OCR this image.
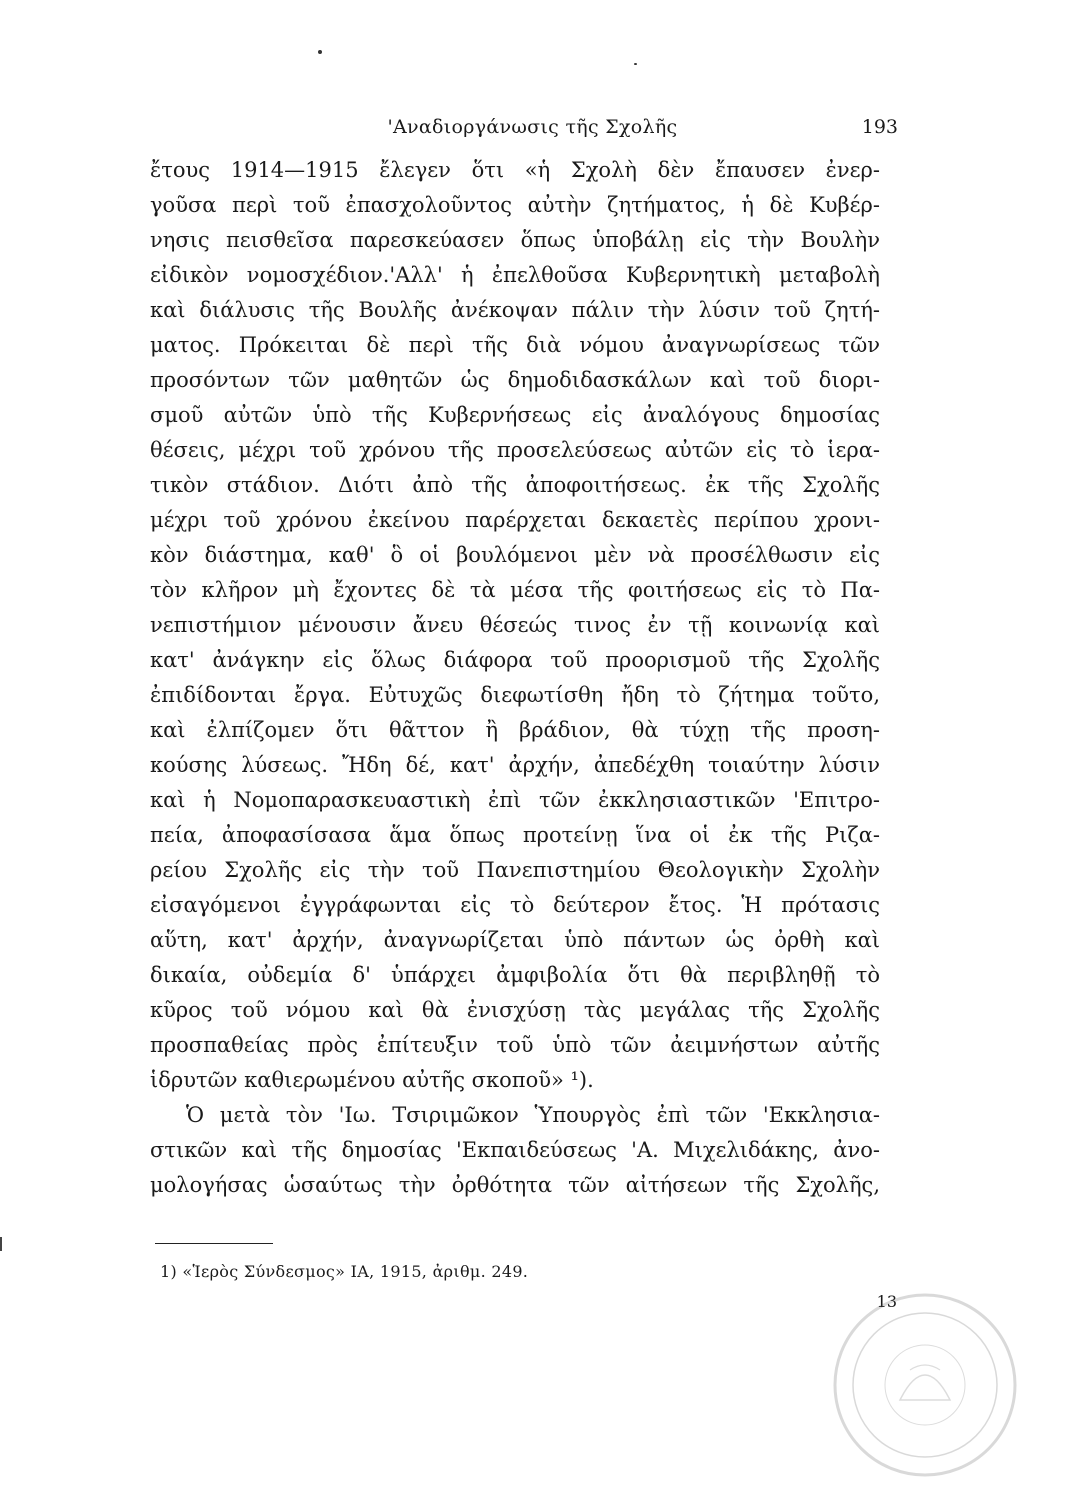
'Αναδιοργάνωσις τῆς Σχολῆς	193
ἔτους 1914—1915 ἔλεγεν ὅτι «ἡ Σχολὴ δὲν ἔπαυσεν ἐνερ-
γοῦσα περὶ τοῦ ἐπασχολοῦντος αὐτὴν ζητήματος, ἡ δὲ Κυβέρ-
νησις πεισθεῖσα παρεσκεύασεν ὅπως ὑποβάλῃ εἰς τὴν Βουλὴν
εἰδικὸν νομοσχέδιον.'Αλλ' ἡ ἐπελθοῦσα Κυβερνητικὴ μεταβολὴ
καὶ διάλυσις τῆς Βουλῆς ἀνέκοψαν πάλιν τὴν λύσιν τοῦ ζητή-
ματος. Πρόκειται δὲ περὶ τῆς διὰ νόμου ἀναγνωρίσεως τῶν
προσόντων τῶν μαθητῶν ὡς δημοδιδασκάλων καὶ τοῦ διορι-
σμοῦ αὐτῶν ὑπὸ τῆς Κυβερνήσεως εἰς ἀναλόγους δημοσίας
θέσεις, μέχρι τοῦ χρόνου τῆς προσελεύσεως αὐτῶν εἰς τὸ ἱερα-
τικὸν στάδιον. Διότι ἀπὸ τῆς ἀποφοιτήσεως. ἐκ τῆς Σχολῆς
μέχρι τοῦ χρόνου ἐκείνου παρέρχεται δεκαετὲς περίπου χρονι-
κὸν διάστημα, καθ' ὃ οἱ βουλόμενοι μὲν νὰ προσέλθωσιν εἰς
τὸν κλῆρον μὴ ἔχοντες δὲ τὰ μέσα τῆς φοιτήσεως εἰς τὸ Πα-
νεπιστήμιον μένουσιν ἄνευ θέσεώς τινος ἐν τῇ κοινωνίᾳ καὶ
κατ' ἀνάγκην εἰς ὅλως διάφορα τοῦ προορισμοῦ τῆς Σχολῆς
ἐπιδίδονται ἔργα. Εὐτυχῶς διεφωτίσθη ἤδη τὸ ζήτημα τοῦτο,
καὶ ἐλπίζομεν ὅτι θᾶττον ἢ βράδιον, θὰ τύχῃ τῆς προση-
κούσης λύσεως. Ἤδη δέ, κατ' ἀρχήν, ἀπεδέχθη τοιαύτην λύσιν
καὶ ἡ Νομοπαρασκευαστικὴ ἐπὶ τῶν ἐκκλησιαστικῶν 'Επιτρο-
πεία, ἀποφασίσασα ἅμα ὅπως προτείνῃ ἵνα οἱ ἐκ τῆς Ριζα-
ρείου Σχολῆς εἰς τὴν τοῦ Πανεπιστημίου Θεολογικὴν Σχολὴν
εἰσαγόμενοι ἐγγράφωνται εἰς τὸ δεύτερον ἔτος. Ἡ πρότασις
αὕτη, κατ' ἀρχήν, ἀναγνωρίζεται ὑπὸ πάντων ὡς ὀρθὴ καὶ
δικαία, οὐδεμία δ' ὑπάρχει ἀμφιβολία ὅτι θὰ περιβληθῇ τὸ
κῦρος τοῦ νόμου καὶ θὰ ἐνισχύσῃ τὰς μεγάλας τῆς Σχολῆς
προσπαθείας πρὸς ἐπίτευξιν τοῦ ὑπὸ τῶν ἀειμνήστων αὐτῆς
ἱδρυτῶν καθιερωμένου αὐτῆς σκοποῦ» ¹).
Ὁ μετὰ τὸν 'Ιω. Τσιριμῶκον Ὑπουργὸς ἐπὶ τῶν 'Εκκλησια-
στικῶν καὶ τῆς δημοσίας 'Εκπαιδεύσεως 'Α. Μιχελιδάκης, ἀνο-
μολογήσας ὡσαύτως τὴν ὀρθότητα τῶν αἰτήσεων τῆς Σχολῆς,
1) «Ἱερὸς Σύνδεσμος» ΙΑ, 1915, ἀριθμ. 249.
13
